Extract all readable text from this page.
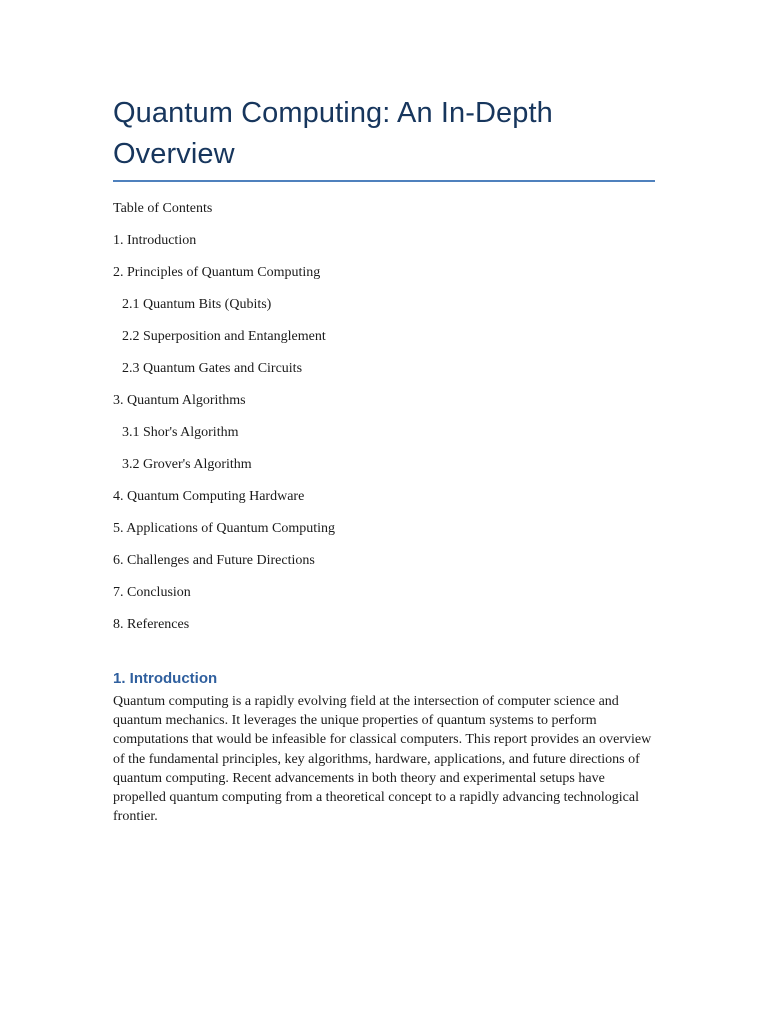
Quantum Computing: An In-Depth Overview
Table of Contents
1. Introduction
2. Principles of Quantum Computing
2.1 Quantum Bits (Qubits)
2.2 Superposition and Entanglement
2.3 Quantum Gates and Circuits
3. Quantum Algorithms
3.1 Shor's Algorithm
3.2 Grover's Algorithm
4. Quantum Computing Hardware
5. Applications of Quantum Computing
6. Challenges and Future Directions
7. Conclusion
8. References
1. Introduction

Quantum computing is a rapidly evolving field at the intersection of computer science and quantum mechanics. It leverages the unique properties of quantum systems to perform computations that would be infeasible for classical computers. This report provides an overview of the fundamental principles, key algorithms, hardware, applications, and future directions of quantum computing. Recent advancements in both theory and experimental setups have propelled quantum computing from a theoretical concept to a rapidly advancing technological frontier.
